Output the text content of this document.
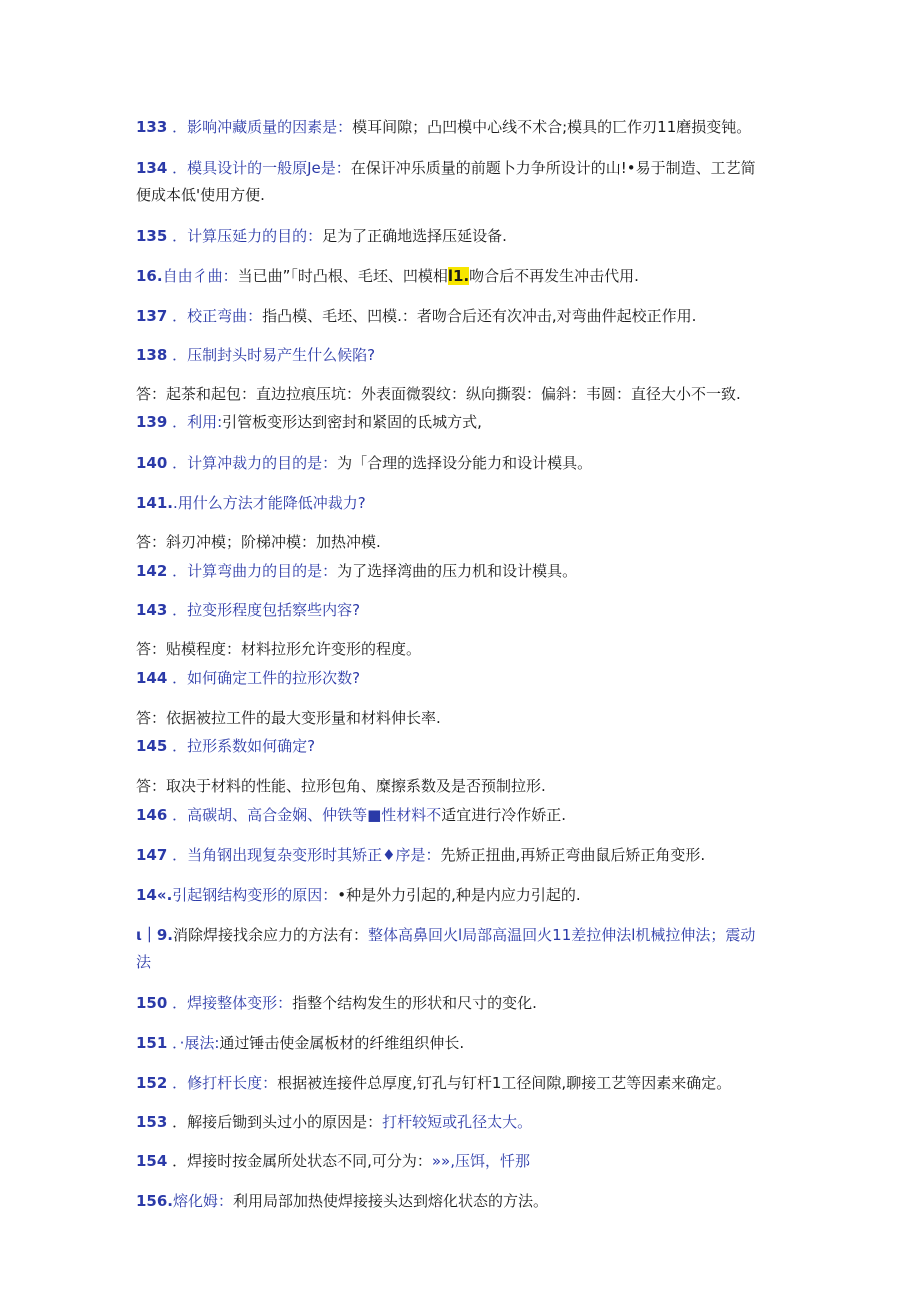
133 ．影响冲藏质量的因素是：模耳间隙；凸凹模中心线不术合;模具的匸作刃11磨损变钝。
134 ．模具设计的一般原Je是：在保讦冲乐质量的前题卜力争所设计的山!•易于制造、工艺简
便成本低'使用方便.
135 ．计算压延力的目的：足为了正确地选择压延设备.
16.自由彳曲：当已曲”「时凸根、毛坯、凹模相l1.吻合后不再发生冲击代用.
137 ．校正弯曲：指凸模、毛坯、凹模.：者吻合后还有次冲击,对弯曲件起校正作用.
138 ．压制封头时易产生什么候陷?
答：起茶和起包：直边拉痕压坑：外表面微裂纹：纵向撕裂：偏斜：韦圆：直径大小不一致.
139 ．利用:引管板变形达到密封和紧固的氐城方式,
140 ．计算冲裁力的目的是：为「合理的选择设分能力和设计模具。
141..用什么方法才能降低冲裁力?
答：斜刃冲模；阶梯冲模：加热冲模.
142 ．计算弯曲力的目的是：为了选择湾曲的压力机和设计模具。
143 ．拉变形程度包括察些内容?
答：贴模程度：材料拉形允许变形的程度。
144 ．如何确定工件的拉形次数?
答：依据被拉工件的最大变形量和材料伸长率.
145 ．拉形系数如何确定?
答：取决于材料的性能、拉形包角、糜擦系数及是否预制拉形.
146 ．高碳胡、高合金娴、仲铁等■性材料不适宜进行冷作娇正.
147 ．当角钢出现复杂变形时其矫正♦序是：先矫正扭曲,再矫正弯曲鼠后矫正角变形.
14«.引起钢结构变形的原因：•种是外力引起的,种是内应力引起的.
ι｜9.消除焊接找余应力的方法有：整体高鼻回火l局部高温回火11差拉伸法l机械拉伸法；震动
法
150 ．焊接整体变形：指整个结构发生的形状和尺寸的变化.
151 ．·展法:通过锤击使金属板材的纤维组织伸长.
152 ．修打杆长度：根据被连接件总厚度,钉孔与钉杆1工径间隙,聊接工艺等因素来确定。
153 ．解接后锄到头过小的原因是：打杆较短或孔径太大。
154 ．焊接时按金属所处状态不同,可分为：»»,压饵，忏那
156.熔化姆：利用局部加热使焊接接头达到熔化状态的方法。
